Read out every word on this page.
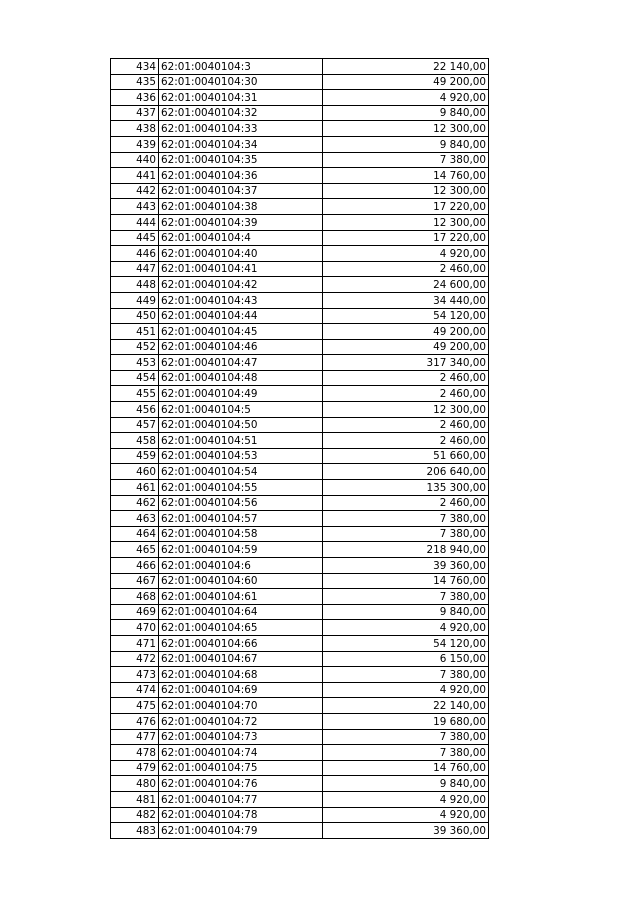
434	62:01:0040104:3	22 140,00
435	62:01:0040104:30	49 200,00
436	62:01:0040104:31	4 920,00
437	62:01:0040104:32	9 840,00
438	62:01:0040104:33	12 300,00
439	62:01:0040104:34	9 840,00
440	62:01:0040104:35	7 380,00
441	62:01:0040104:36	14 760,00
442	62:01:0040104:37	12 300,00
443	62:01:0040104:38	17 220,00
444	62:01:0040104:39	12 300,00
445	62:01:0040104:4	17 220,00
446	62:01:0040104:40	4 920,00
447	62:01:0040104:41	2 460,00
448	62:01:0040104:42	24 600,00
449	62:01:0040104:43	34 440,00
450	62:01:0040104:44	54 120,00
451	62:01:0040104:45	49 200,00
452	62:01:0040104:46	49 200,00
453	62:01:0040104:47	317 340,00
454	62:01:0040104:48	2 460,00
455	62:01:0040104:49	2 460,00
456	62:01:0040104:5	12 300,00
457	62:01:0040104:50	2 460,00
458	62:01:0040104:51	2 460,00
459	62:01:0040104:53	51 660,00
460	62:01:0040104:54	206 640,00
461	62:01:0040104:55	135 300,00
462	62:01:0040104:56	2 460,00
463	62:01:0040104:57	7 380,00
464	62:01:0040104:58	7 380,00
465	62:01:0040104:59	218 940,00
466	62:01:0040104:6	39 360,00
467	62:01:0040104:60	14 760,00
468	62:01:0040104:61	7 380,00
469	62:01:0040104:64	9 840,00
470	62:01:0040104:65	4 920,00
471	62:01:0040104:66	54 120,00
472	62:01:0040104:67	6 150,00
473	62:01:0040104:68	7 380,00
474	62:01:0040104:69	4 920,00
475	62:01:0040104:70	22 140,00
476	62:01:0040104:72	19 680,00
477	62:01:0040104:73	7 380,00
478	62:01:0040104:74	7 380,00
479	62:01:0040104:75	14 760,00
480	62:01:0040104:76	9 840,00
481	62:01:0040104:77	4 920,00
482	62:01:0040104:78	4 920,00
483	62:01:0040104:79	39 360,00
